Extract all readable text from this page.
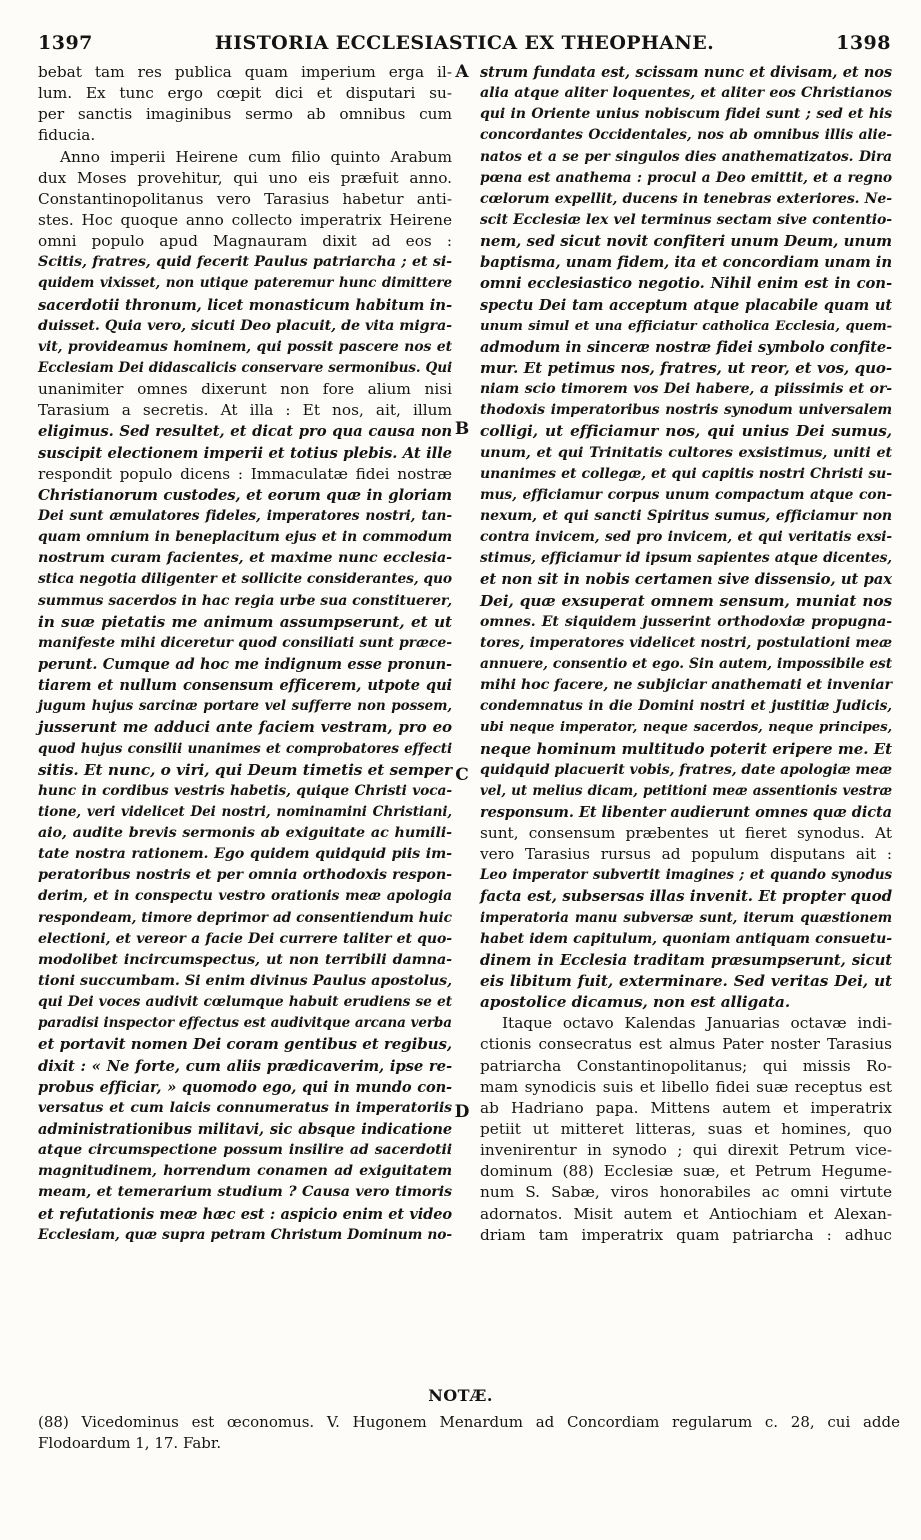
1397	HISTORIA ECCLESIASTICA EX THEOPHANE.	1398
bebat tam res publica quam imperium erga il-
lum. Ex tunc ergo cœpit dici et disputari su-
per sanctis imaginibus sermo ab omnibus cum
fiducia.
Anno imperii Heirene cum filio quinto Arabum
dux Moses provehitur, qui uno eis præfuit anno.
Constantinopolitanus vero Tarasius habetur anti-
stes. Hoc quoque anno collecto imperatrix Heirene
omni populo apud Magnauram dixit ad eos :
Scitis, fratres, quid fecerit Paulus patriarcha ; et si-
quidem vixisset, non utique pateremur hunc dimittere
sacerdotii thronum, licet monasticum habitum in-
duisset. Quia vero, sicuti Deo placuit, de vita migra-
vit, provideamus hominem, qui possit pascere nos et
Ecclesiam Dei didascalicis conservare sermonibus. Qui
unanimiter omnes dixerunt non fore alium nisi
Tarasium a secretis. At illa : Et nos, ait, illum
eligimus. Sed resultet, et dicat pro qua causa non
suscipit electionem imperii et totius plebis. At ille
respondit populo dicens : Immaculatæ fidei nostræ
Christianorum custodes, et eorum quæ in gloriam
Dei sunt æmulatores fideles, imperatores nostri, tan-
quam omnium in beneplacitum ejus et in commodum
nostrum curam facientes, et maxime nunc ecclesia-
stica negotia diligenter et sollicite considerantes, quo
summus sacerdos in hac regia urbe sua constituerer,
in suæ pietatis me animum assumpserunt, et ut
manifeste mihi diceretur quod consiliati sunt præce-
perunt. Cumque ad hoc me indignum esse pronun-
tiarem et nullum consensum efficerem, utpote qui
jugum hujus sarcinæ portare vel sufferre non possem,
jusserunt me adduci ante faciem vestram, pro eo
quod hujus consilii unanimes et comprobatores effecti
sitis. Et nunc, o viri, qui Deum timetis et semper
hunc in cordibus vestris habetis, quique Christi voca-
tione, veri videlicet Dei nostri, nominamini Christiani,
aio, audite brevis sermonis ab exiguitate ac humili-
tate nostra rationem. Ego quidem quidquid piis im-
peratoribus nostris et per omnia orthodoxis respon-
derim, et in conspectu vestro orationis meæ apologia
respondeam, timore deprimor ad consentiendum huic
electioni, et vereor a facie Dei currere taliter et quo-
modolibet incircumspectus, ut non terribili damna-
tioni succumbam. Si enim divinus Paulus apostolus,
qui Dei voces audivit cœlumque habuit erudiens se et
paradisi inspector effectus est audivitque arcana verba
et portavit nomen Dei coram gentibus et regibus,
dixit : « Ne forte, cum aliis prædicaverim, ipse re-
probus efficiar, » quomodo ego, qui in mundo con-
versatus et cum laicis connumeratus in imperatoriis
administrationibus militavi, sic absque indicatione
atque circumspectione possum insilire ad sacerdotii
magnitudinem, horrendum conamen ad exiguitatem
meam, et temerarium studium ? Causa vero timoris
et refutationis meæ hæc est : aspicio enim et video
Ecclesiam, quæ supra petram Christum Dominum no-
strum fundata est, scissam nunc et divisam, et nos
alia atque aliter loquentes, et aliter eos Christianos
qui in Oriente unius nobiscum fidei sunt ; sed et his
concordantes Occidentales, nos ab omnibus illis alie-
natos et a se per singulos dies anathematizatos. Dira
pœna est anathema : procul a Deo emittit, et a regno
cœlorum expellit, ducens in tenebras exteriores. Ne-
scit Ecclesiæ lex vel terminus sectam sive contentio-
nem, sed sicut novit confiteri unum Deum, unum
baptisma, unam fidem, ita et concordiam unam in
omni ecclesiastico negotio. Nihil enim est in con-
spectu Dei tam acceptum atque placabile quam ut
unum simul et una efficiatur catholica Ecclesia, quem-
admodum in sinceræ nostræ fidei symbolo confite-
mur. Et petimus nos, fratres, ut reor, et vos, quo-
niam scio timorem vos Dei habere, a piissimis et or-
thodoxis imperatoribus nostris synodum universalem
colligi, ut efficiamur nos, qui unius Dei sumus,
unum, et qui Trinitatis cultores exsistimus, uniti et
unanimes et collegæ, et qui capitis nostri Christi su-
mus, efficiamur corpus unum compactum atque con-
nexum, et qui sancti Spiritus sumus, efficiamur non
contra invicem, sed pro invicem, et qui veritatis exsi-
stimus, efficiamur id ipsum sapientes atque dicentes,
et non sit in nobis certamen sive dissensio, ut pax
Dei, quæ exsuperat omnem sensum, muniat nos
omnes. Et siquidem jusserint orthodoxiæ propugna-
tores, imperatores videlicet nostri, postulationi meæ
annuere, consentio et ego. Sin autem, impossibile est
mihi hoc facere, ne subjiciar anathemati et inveniar
condemnatus in die Domini nostri et justitiæ Judicis,
ubi neque imperator, neque sacerdos, neque principes,
neque hominum multitudo poterit eripere me. Et
quidquid placuerit vobis, fratres, date apologiæ meæ
vel, ut melius dicam, petitioni meæ assentionis vestræ
responsum. Et libenter audierunt omnes quæ dicta
sunt, consensum præbentes ut fieret synodus. At
vero Tarasius rursus ad populum disputans ait :
Leo imperator subvertit imagines ; et quando synodus
facta est, subsersas illas invenit. Et propter quod
imperatoria manu subversæ sunt, iterum quæstionem
habet idem capitulum, quoniam antiquam consuetu-
dinem in Ecclesia traditam præsumpserunt, sicut
eis libitum fuit, exterminare. Sed veritas Dei, ut
apostolice dicamus, non est alligata.
Itaque octavo Kalendas Januarias octavæ indi-
ctionis consecratus est almus Pater noster Tarasius
patriarcha Constantinopolitanus; qui missis Ro-
mam synodicis suis et libello fidei suæ receptus est
ab Hadriano papa. Mittens autem et imperatrix
petiit ut mitteret litteras, suas et homines, quo
invenirentur in synodo ; qui direxit Petrum vice-
dominum (88) Ecclesiæ suæ, et Petrum Hegume-
num S. Sabæ, viros honorabiles ac omni virtute
adornatos. Misit autem et Antiochiam et Alexan-
driam tam imperatrix quam patriarcha : adhuc
A
B
C
D
NOTÆ.
(88) Vicedominus est œconomus. V. Hugonem Menardum ad Concordiam regularum c. 28, cui adde
Flodoardum 1, 17. Fabr.
